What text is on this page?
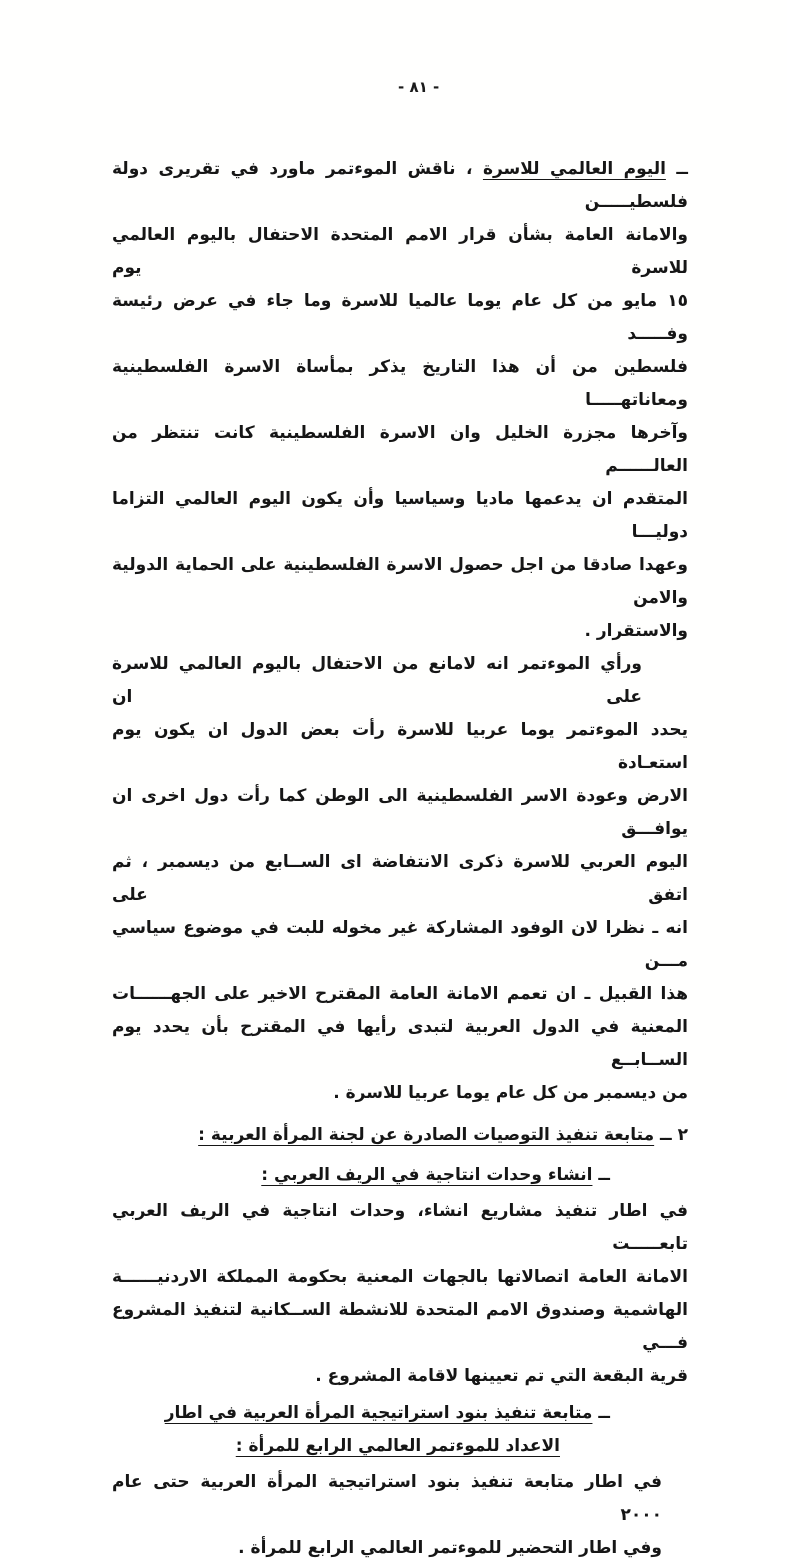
- ٨١ -
ــ اليوم العالمي للاسرة ، ناقش الموءتمر ماورد في تقريرى دولة فلسطيـــــن
والامانة العامة بشأن قرار الامم المتحدة الاحتفال باليوم العالمي للاسرة يوم
١٥ مايو من كل عام يوما عالميا للاسرة وما جاء في عرض رئيسة وفـــــد
فلسطين من أن هذا التاريخ يذكر بمأساة الاسرة الفلسطينية ومعاناتهـــــا
وآخرها مجزرة الخليل وان الاسرة الفلسطينية كانت تنتظر من العالــــــم
المتقدم ان يدعمها ماديا وسياسيا وأن يكون اليوم العالمي التزاما دوليـــا
وعهدا صادقا من اجل حصول الاسرة الفلسطينية على الحماية الدولية والامن
والاستقرار .
ورأي الموءتمر انه لامانع من الاحتفال باليوم العالمي للاسرة على ان
يحدد الموءتمر يوما عربيا للاسرة رأت بعض الدول ان يكون يوم استعـادة
الارض وعودة الاسر الفلسطينية الى الوطن كما رأت دول اخرى ان يوافـــق
اليوم العربي للاسرة ذكرى الانتفاضة اى الســابع من ديسمبر ، ثم اتفق على
انه ـ نظرا لان الوفود المشاركة غير مخوله للبت في موضوع سياسي مـــن
هذا القبيل ـ ان تعمم الامانة العامة المقترح الاخير على الجهــــــات
المعنية في الدول العربية لتبدى رأيها في المقترح بأن يحدد يوم الســابــع
من ديسمبر من كل عام يوما عربيا للاسرة .
٢ ــ متابعة تنفيذ التوصيات الصادرة عن لجنة المرأة العربية :
ــ انشاء وحدات انتاجية في الريف العربي :
في اطار تنفيذ مشاريع انشاء، وحدات انتاجية في الريف العربي تابعـــــت
الامانة العامة اتصالاتها بالجهات المعنية بحكومة المملكة الاردنيــــــة
الهاشمية وصندوق الامم المتحدة للانشطة الســكانية لتنفيذ المشروع فـــي
قرية البقعة التي تم تعيينها لاقامة المشروع .
ــ متابعة تنفيذ بنود استراتيجية المرأة العربية في اطار
الاعداد للموءتمر العالمي الرابع للمرأة :
في اطار متابعة تنفيذ بنود استراتيجية المرأة العربية حتى عام ٢٠٠٠
وفي اطار التحضير للموءتمر العالمي الرابع للمرأة .
